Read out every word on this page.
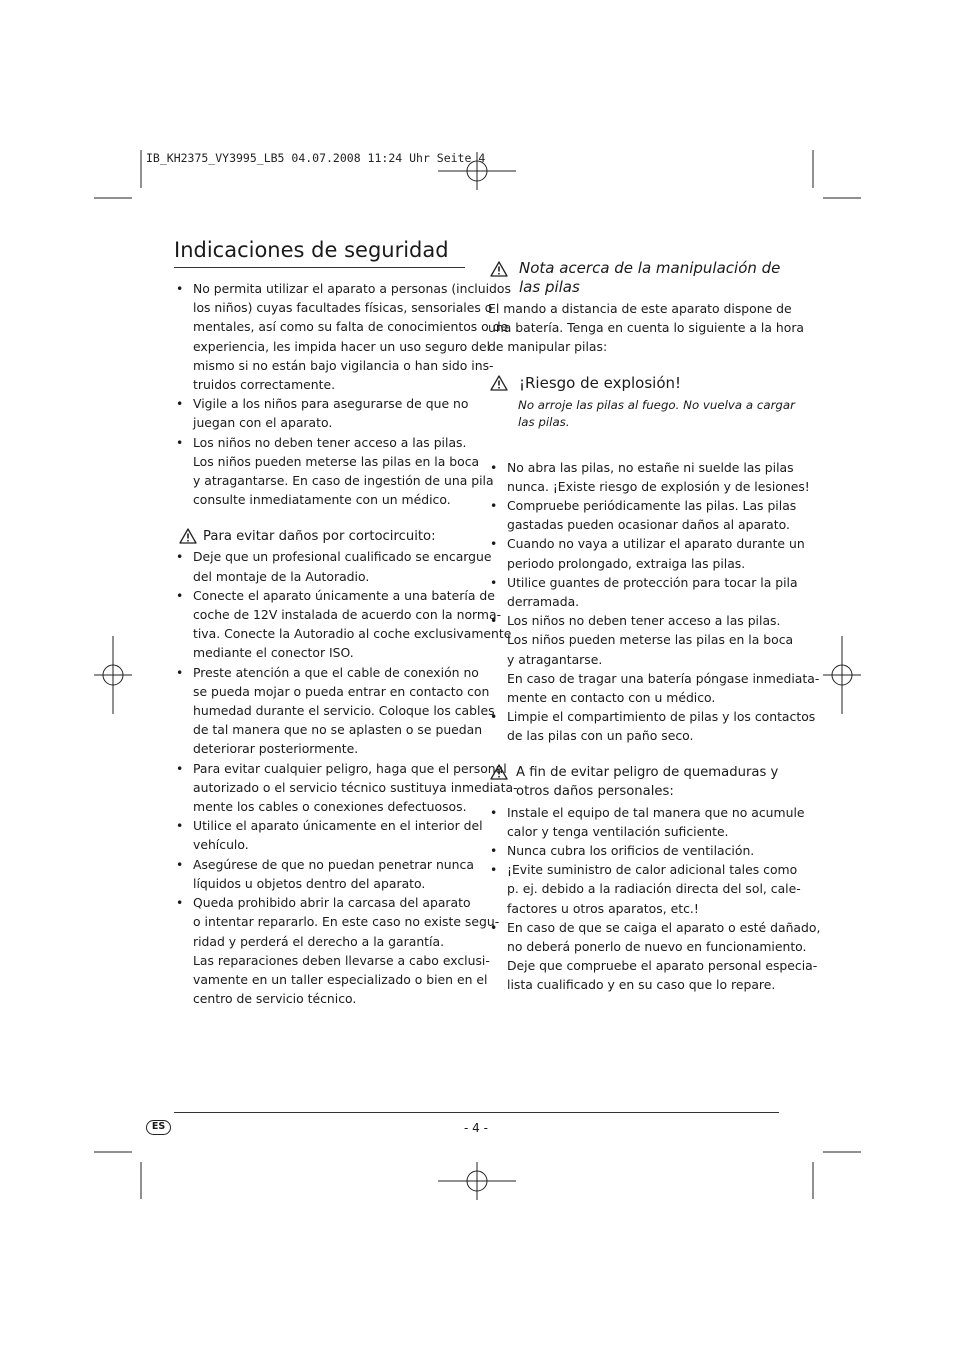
IB_KH2375_VY3995_LB5 04.07.2008 11:24 Uhr Seite 4
Indicaciones de seguridad
• No permita utilizar el aparato a personas (incluidos
los niños) cuyas facultades físicas, sensoriales o
mentales, así como su falta de conocimientos o de
experiencia, les impida hacer un uso seguro del
mismo si no están bajo vigilancia o han sido ins-
truidos correctamente.
• Vigile a los niños para asegurarse de que no
juegan con el aparato.
• Los niños no deben tener acceso a las pilas.
Los niños pueden meterse las pilas en la boca
y atragantarse. En caso de ingestión de una pila
consulte inmediatamente con un médico.
Para evitar daños por cortocircuito:
• Deje que un profesional cualificado se encargue
del montaje de la Autoradio.
• Conecte el aparato únicamente a una batería de
coche de 12V instalada de acuerdo con la norma-
tiva. Conecte la Autoradio al coche exclusivamente
mediante el conector ISO.
• Preste atención a que el cable de conexión no
se pueda mojar o pueda entrar en contacto con
humedad durante el servicio. Coloque los cables
de tal manera que no se aplasten o se puedan
deteriorar posteriormente.
• Para evitar cualquier peligro, haga que el personal
autorizado o el servicio técnico sustituya inmediata-
mente los cables o conexiones defectuosos.
• Utilice el aparato únicamente en el interior del
vehículo.
• Asegúrese de que no puedan penetrar nunca
líquidos u objetos dentro del aparato.
• Queda prohibido abrir la carcasa del aparato
o intentar repararlo. En este caso no existe segu-
ridad y perderá el derecho a la garantía.
Las reparaciones deben llevarse a cabo exclusi-
vamente en un taller especializado o bien en el
centro de servicio técnico.
Nota acerca de la manipulación de
las pilas
El mando a distancia de este aparato dispone de
una batería. Tenga en cuenta lo siguiente a la hora
de manipular pilas:
¡Riesgo de explosión!
No arroje las pilas al fuego. No vuelva a cargar
las pilas.
• No abra las pilas, no estañe ni suelde las pilas
nunca. ¡Existe riesgo de explosión y de lesiones!
• Compruebe periódicamente las pilas. Las pilas
gastadas pueden ocasionar daños al aparato.
• Cuando no vaya a utilizar el aparato durante un
periodo prolongado, extraiga las pilas.
• Utilice guantes de protección para tocar la pila
derramada.
• Los niños no deben tener acceso a las pilas.
Los niños pueden meterse las pilas en la boca
y atragantarse.
En caso de tragar una batería póngase inmediata-
mente en contacto con u médico.
• Limpie el compartimiento de pilas y los contactos
de las pilas con un paño seco.
A fin de evitar peligro de quemaduras y
otros daños personales:
• Instale el equipo de tal manera que no acumule
calor y tenga ventilación suficiente.
• Nunca cubra los orificios de ventilación.
• ¡Evite suministro de calor adicional tales como
p. ej. debido a la radiación directa del sol, cale-
factores u otros aparatos, etc.!
• En caso de que se caiga el aparato o esté dañado,
no deberá ponerlo de nuevo en funcionamiento.
Deje que compruebe el aparato personal especia-
lista cualificado y en su caso que lo repare.
ES	- 4 -
